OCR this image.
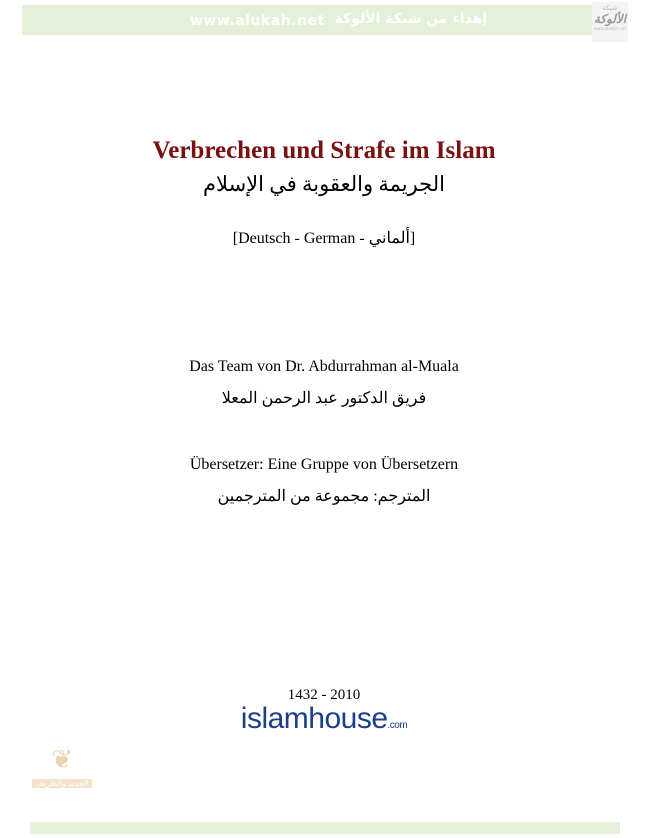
www.alukah.net إهداء من شبكة الألوكة
شبكة
الألوكة
www.alukah.net
Verbrechen und Strafe im Islam
الجريمة والعقوبة في الإسلام
[Deutsch - German - ألماني]
Das Team von Dr. Abdurrahman al-Muala
فريق الدكتور عبد الرحمن المعلا
Übersetzer: Eine Gruppe von Übersetzern
المترجم: مجموعة من المترجمين
1432 - 2010
islamhouse.com
❦
الجديد والطريف
